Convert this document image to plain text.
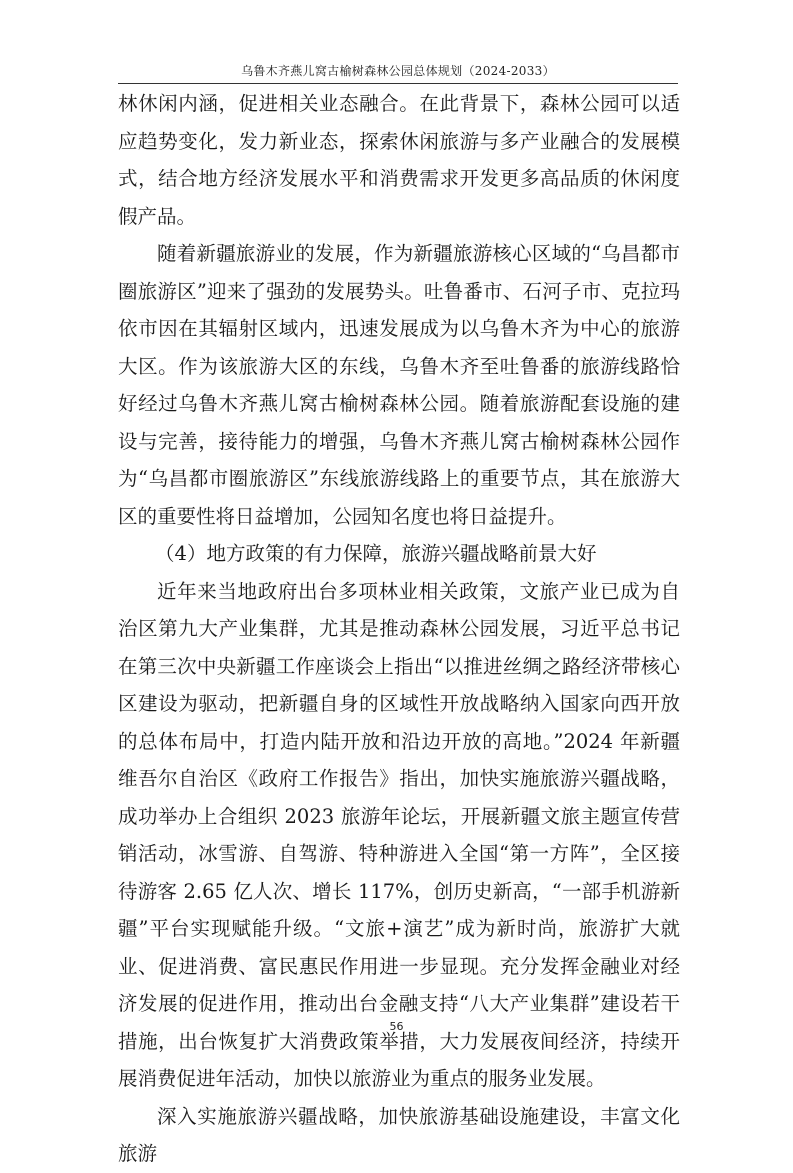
乌鲁木齐燕儿窝古榆树森林公园总体规划（2024-2033）

林休闲内涵，促进相关业态融合。在此背景下，森林公园可以适应趋势变化，发力新业态，探索休闲旅游与多产业融合的发展模式，结合地方经济发展水平和消费需求开发更多高品质的休闲度假产品。

随着新疆旅游业的发展，作为新疆旅游核心区域的“乌昌都市圈旅游区”迎来了强劲的发展势头。吐鲁番市、石河子市、克拉玛依市因在其辐射区域内，迅速发展成为以乌鲁木齐为中心的旅游大区。作为该旅游大区的东线，乌鲁木齐至吐鲁番的旅游线路恰好经过乌鲁木齐燕儿窝古榆树森林公园。随着旅游配套设施的建设与完善，接待能力的增强，乌鲁木齐燕儿窝古榆树森林公园作为“乌昌都市圈旅游区”东线旅游线路上的重要节点，其在旅游大区的重要性将日益增加，公园知名度也将日益提升。

（4）地方政策的有力保障，旅游兴疆战略前景大好

近年来当地政府出台多项林业相关政策，文旅产业已成为自治区第九大产业集群，尤其是推动森林公园发展，习近平总书记在第三次中央新疆工作座谈会上指出“以推进丝绸之路经济带核心区建设为驱动，把新疆自身的区域性开放战略纳入国家向西开放的总体布局中，打造内陆开放和沿边开放的高地。”2024 年新疆维吾尔自治区《政府工作报告》指出，加快实施旅游兴疆战略，成功举办上合组织 2023 旅游年论坛，开展新疆文旅主题宣传营销活动，冰雪游、自驾游、特种游进入全国“第一方阵”，全区接待游客 2.65 亿人次、增长 117%，创历史新高，“一部手机游新疆”平台实现赋能升级。“文旅+演艺”成为新时尚，旅游扩大就业、促进消费、富民惠民作用进一步显现。充分发挥金融业对经济发展的促进作用，推动出台金融支持“八大产业集群”建设若干措施，出台恢复扩大消费政策举措，大力发展夜间经济，持续开展消费促进年活动，加快以旅游业为重点的服务业发展。

深入实施旅游兴疆战略，加快旅游基础设施建设，丰富文化旅游

56
